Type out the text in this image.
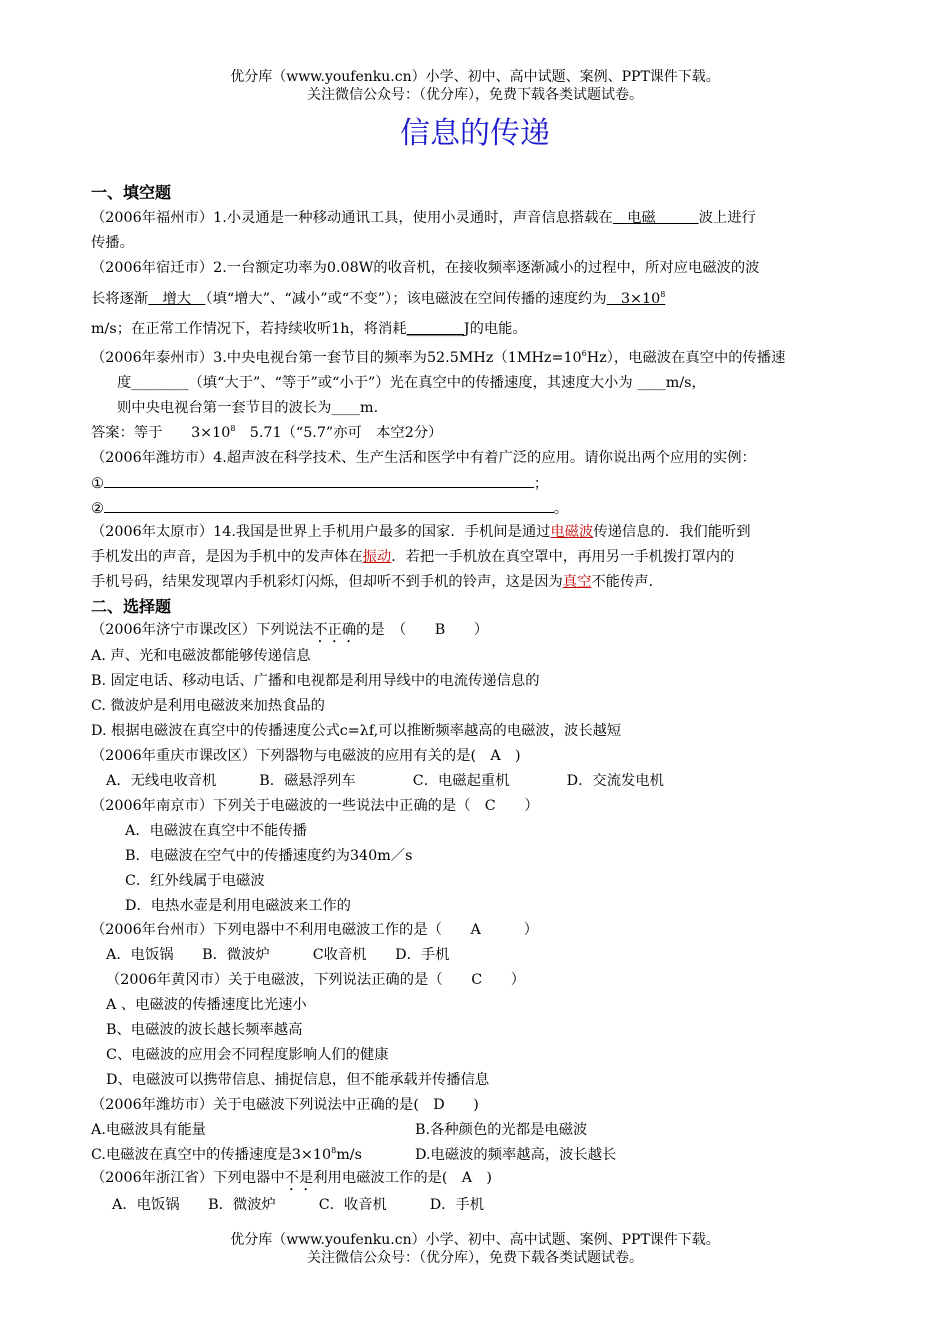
优分库（www.youfenku.cn）小学、初中、高中试题、案例、PPT课件下载。
关注微信公众号：（优分库），免费下载各类试题试卷。
信息的传递
一、填空题
（2006年福州市）1.小灵通是一种移动通讯工具，使用小灵通时，声音信息搭载在　电磁　　　波上进行
传播。
（2006年宿迁市）2.一台额定功率为0.08W的收音机，在接收频率逐渐减小的过程中，所对应电磁波的波
长将逐渐　增大　（填“增大”、“减小”或“不变”）；该电磁波在空间传播的速度约为　$3\times 10^8$
m/s；在正常工作情况下，若持续收听1h，将消耗________J的电能。
（2006年泰州市）3.中央电视台第一套节目的频率为$52.5MHz(1MHz=10^6Hz)$，电磁波在真空中的传播速
度________（填“大于”、“等于”或“小于”）光在真空中的传播速度，其速度大小为 ____m/s，
则中央电视台第一套节目的波长为____m.
答案：等于　　$3\times 10^8$　5.71（“5.7”亦可　本空2分）
（2006年潍坊市）4.超声波在科学技术、生产生活和医学中有着广泛的应用。请你说出两个应用的实例：
①	；
②	。
（2006年太原市）14.我国是世界上手机用户最多的国家．手机间是通过电磁波传递信息的．我们能听到
手机发出的声音，是因为手机中的发声体在振动．若把一手机放在真空罩中，再用另一手机拨打罩内的
手机号码，结果发现罩内手机彩灯闪烁，但却听不到手机的铃声，这是因为真空不能传声．
二、选择题
（2006年济宁市课改区）下列说法不正确的是　（　　B　　）
A. 声、光和电磁波都能够传递信息
B. 固定电话、移动电话、广播和电视都是利用导线中的电流传递信息的
C. 微波炉是利用电磁波来加热食品的
D. 根据电磁波在真空中的传播速度公式c=λf,可以推断频率越高的电磁波，波长越短
（2006年重庆市课改区）下列器物与电磁波的应用有关的是(　A　)
A．无线电收音机　　　B．磁悬浮列车　　　　C．电磁起重机　　　　D．交流发电机
（2006年南京市）下列关于电磁波的一些说法中正确的是（　C　　）
A．电磁波在真空中不能传播
B．电磁波在空气中的传播速度约为340m／s
C．红外线属于电磁波
D．电热水壶是利用电磁波来工作的
（2006年台州市）下列电器中不利用电磁波工作的是（　　A　　　）
A．电饭锅　　B．微波炉　　　C收音机　　D．手机
（2006年黄冈市）关于电磁波，下列说法正确的是（　　C　　）
A 、电磁波的传播速度比光速小
B、电磁波的波长越长频率越高
C、电磁波的应用会不同程度影响人们的健康
D、电磁波可以携带信息、捕捉信息，但不能承载并传播信息
（2006年潍坊市）关于电磁波下列说法中正确的是(　D　　)
A.电磁波具有能量	B.各种颜色的光都是电磁波
C.电磁波在真空中的传播速度是$3\times 10^8m/s$	D.电磁波的频率越高，波长越长
（2006年浙江省）下列电器中不是利用电磁波工作的是(　A　)
A．电饭锅　　B．微波炉　　　C．收音机　　　D．手机
优分库（www.youfenku.cn）小学、初中、高中试题、案例、PPT课件下载。
关注微信公众号：（优分库），免费下载各类试题试卷。
